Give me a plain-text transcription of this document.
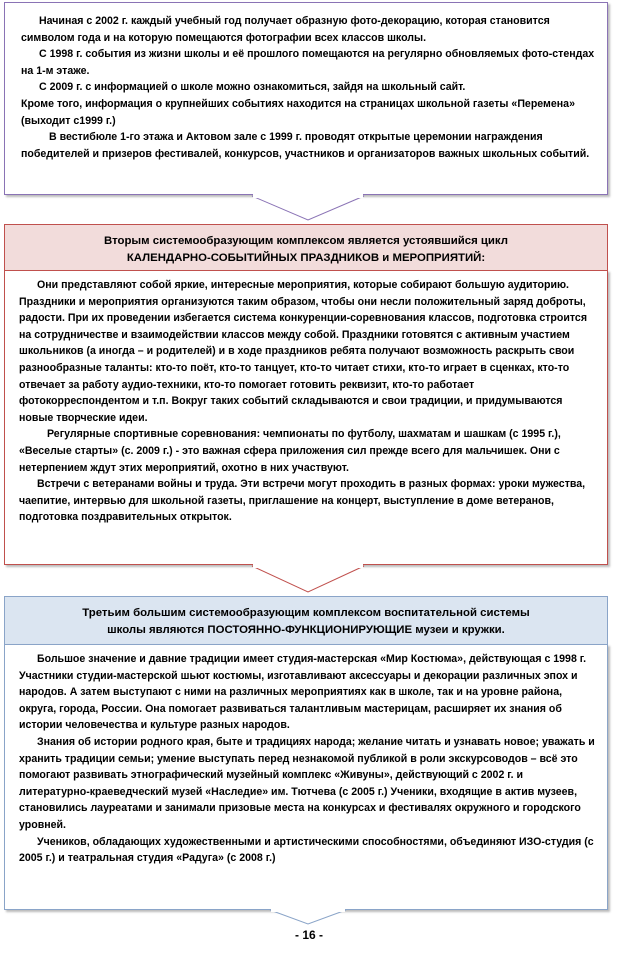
Начиная с 2002 г. каждый учебный год получает образную фото-декорацию, которая становится символом года и на которую помещаются фотографии всех классов школы.

С 1998 г. события из жизни школы и её прошлого помещаются на регулярно обновляемых фото-стендах на 1-м этаже.

С 2009 г. с информацией о школе можно ознакомиться, зайдя на школьный сайт.

Кроме того, информация о крупнейших событиях находится на страницах школьной газеты «Перемена» (выходит с1999 г.)

В вестибюле 1-го этажа и Актовом зале с 1999 г. проводят открытые церемонии награждения победителей и призеров фестивалей, конкурсов, участников и организаторов важных школьных событий.

Вторым системообразующим комплексом является устоявшийся цикл
КАЛЕНДАРНО-СОБЫТИЙНЫХ ПРАЗДНИКОВ и МЕРОПРИЯТИЙ:

Они представляют собой яркие, интересные мероприятия, которые собирают большую аудиторию. Праздники и мероприятия организуются таким образом, чтобы они несли положительный заряд доброты, радости. При их проведении избегается система конкуренции-соревнования классов, подготовка строится на сотрудничестве и взаимодействии классов между собой. Праздники готовятся с активным участием школьников (а иногда – и родителей) и в ходе праздников ребята получают возможность раскрыть свои разнообразные таланты: кто-то поёт, кто-то танцует, кто-то читает стихи, кто-то играет в сценках, кто-то отвечает за работу аудио-техники, кто-то помогает готовить реквизит, кто-то работает фотокорреспондентом и т.п. Вокруг таких событий складываются и свои традиции, и придумываются новые творческие идеи.

Регулярные спортивные соревнования: чемпионаты по футболу, шахматам и шашкам (с 1995 г.), «Веселые старты» (с. 2009 г.) - это важная сфера приложения сил прежде всего для мальчишек. Они с нетерпением ждут этих мероприятий, охотно в них участвуют.

Встречи с ветеранами войны и труда. Эти встречи могут проходить в разных формах: уроки мужества, чаепитие, интервью для школьной газеты, приглашение на концерт, выступление в доме ветеранов, подготовка поздравительных открыток.

Третьим большим системообразующим комплексом воспитательной системы
школы являются ПОСТОЯННО-ФУНКЦИОНИРУЮЩИЕ музеи и кружки.

Большое значение и давние традиции имеет студия-мастерская «Мир Костюма», действующая с 1998 г. Участники студии-мастерской шьют костюмы, изготавливают аксессуары и декорации различных эпох и народов. А затем выступают с ними на различных мероприятиях как в школе, так и на уровне района, округа, города, России. Она помогает развиваться талантливым мастерицам, расширяет их знания об истории человечества и культуре разных народов.

Знания об истории родного края, быте и традициях народа; желание читать и узнавать новое; уважать и хранить традиции семьи; умение выступать перед незнакомой публикой в роли экскурсоводов – всё это помогают развивать этнографический музейный комплекс «Живуны», действующий с 2002 г. и литературно-краеведческий музей «Наследие» им. Тютчева (с 2005 г.) Ученики, входящие в актив музеев, становились лауреатами и занимали призовые места на конкурсах и фестивалях окружного и городского уровней.

Учеников, обладающих художественными и артистическими способностями, объединяют ИЗО-студия (с 2005 г.) и театральная студия «Радуга» (с 2008 г.)

- 16 -
